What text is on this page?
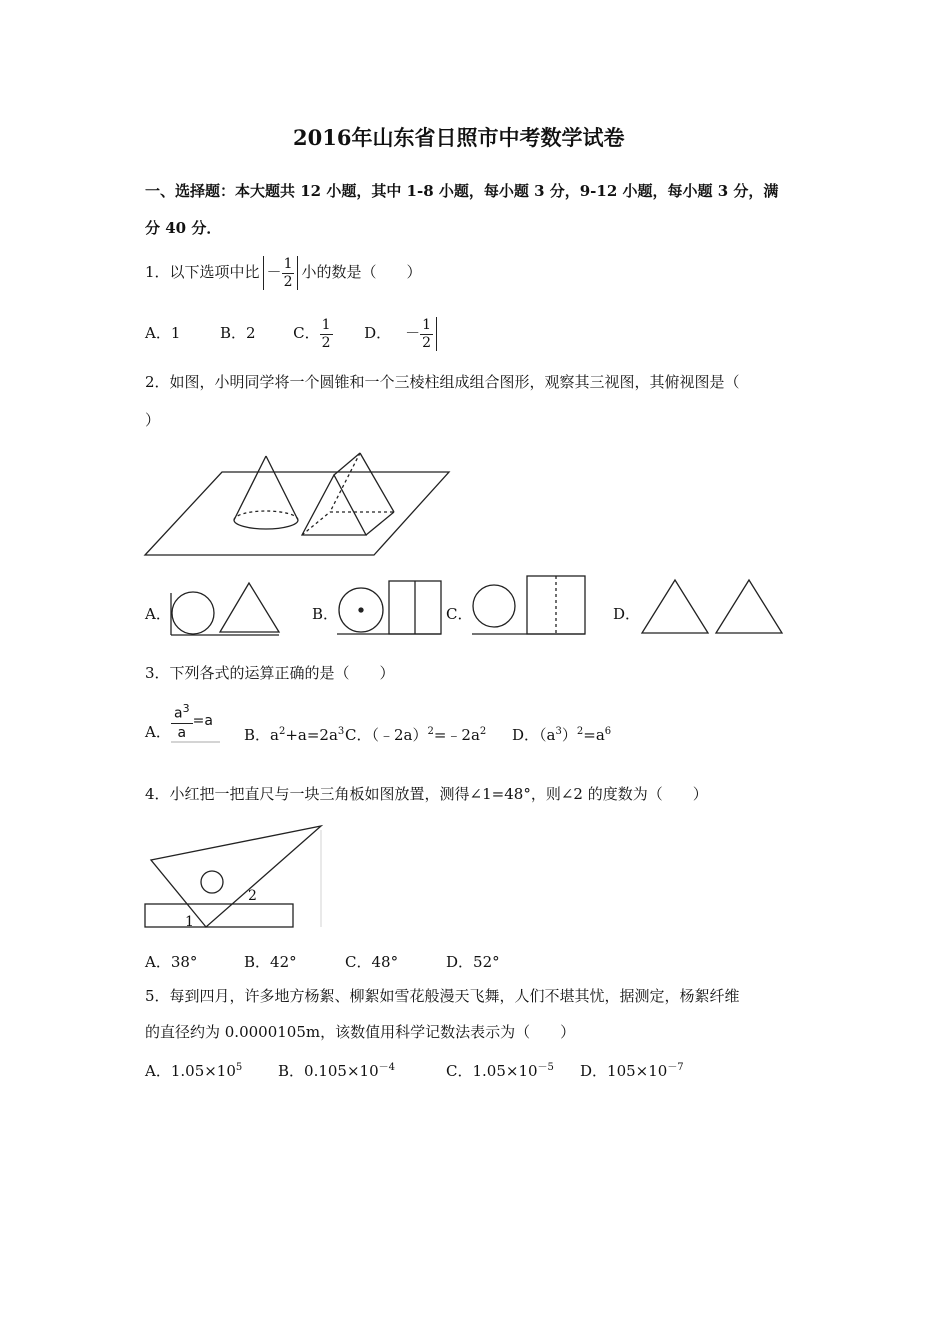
2016年山东省日照市中考数学试卷
一、选择题：本大题共 12 小题，其中 1-8 小题，每小题 3 分，9-12 小题，每小题 3 分，满
分 40 分．
1．以下选项中比 － $\frac{1}{2}$ 小的数是（　　）
A．1	B．2	C． $\frac{1}{2}$ D． － $\frac{1}{2}$
2．如图，小明同学将一个圆锥和一个三棱柱组成组合图形，观察其三视图，其俯视图是（
）
A．	B．	C．	D．
3．下列各式的运算正确的是（　　）
A． $\frac{a^3}{a} =a$
B．$a^2+a=2a^3$ C．$(﹣2a)^2=﹣2a^2$ D．$(a^3)^2=a^6$
4．小红把一把直尺与一块三角板如图放置，测得∠1=48°，则∠2 的度数为（　　）
1
2
A．38°	B．42°	C．48°	D．52°
5．每到四月，许多地方杨絮、柳絮如雪花般漫天飞舞，人们不堪其忧，据测定，杨絮纤维
的直径约为 0.0000105m，该数值用科学记数法表示为（　　）
A．$1.05\times 10^5$ B．$0.105\times 10^{-4}$	C．$1.05\times 10^{-5}$ D．$105\times 10^{-7}$
